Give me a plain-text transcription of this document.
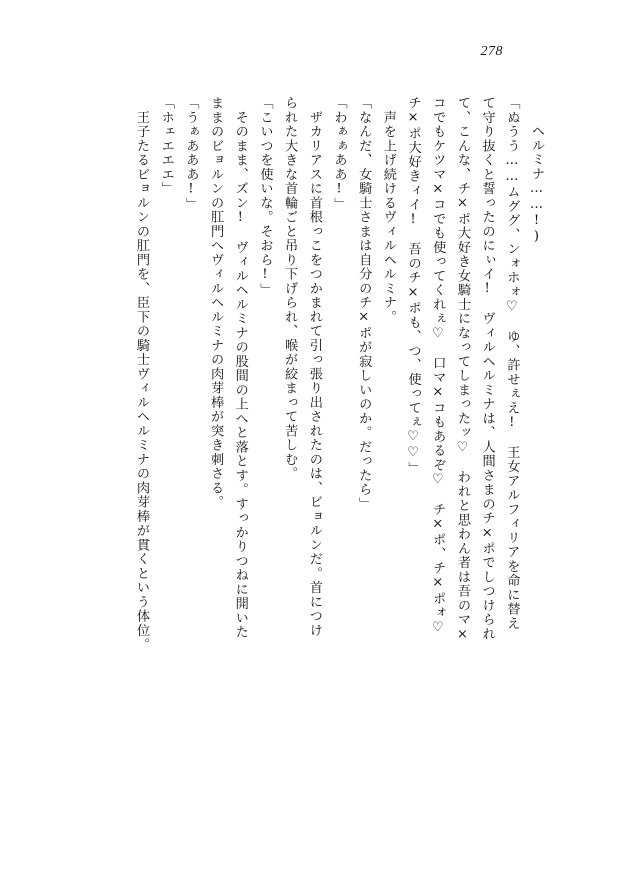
278
ヘルミナ……!)
「ぬうう……ムググ、ンォホォ♡　ゆ、許せぇえ!　王女アルフィリアを命に替え
て守り抜くと誓ったのにぃイ!　ヴィルヘルミナは、人間さまのチ×ポでしつけられ
て、こんな、チ×ポ大好き女騎士になってしまったッ♡　われと思わん者は吾のマ×
コでもケツマ×コでも使ってくれぇ♡　口マ×コもあるぞ♡　チ×ポ、チ×ポォ♡
チ×ポ大好きィイ!　吾のチ×ポも、つ、使ってぇ♡♡」
　声を上げ続けるヴィルヘルミナ。
「なんだ、女騎士さまは自分のチ×ポが寂しいのか。だったら」
「わぁぁああ!」
　ザカリアスに首根っこをつかまれて引っ張り出されたのは、ビョルンだ。首につけ
られた大きな首輪ごと吊り下げられ、喉が絞まって苦しむ。
「こいつを使いな。そおら!」
　そのまま、ズン!　ヴィルヘルミナの股間の上へと落とす。すっかりつねに開いた
ままのビョルンの肛門へヴィルヘルミナの肉芽棒が突き刺さる。
「うぁあああ!」
「ホェエエエ」
　王子たるビョルンの肛門を、臣下の騎士ヴィルヘルミナの肉芽棒が貫くという体位。
